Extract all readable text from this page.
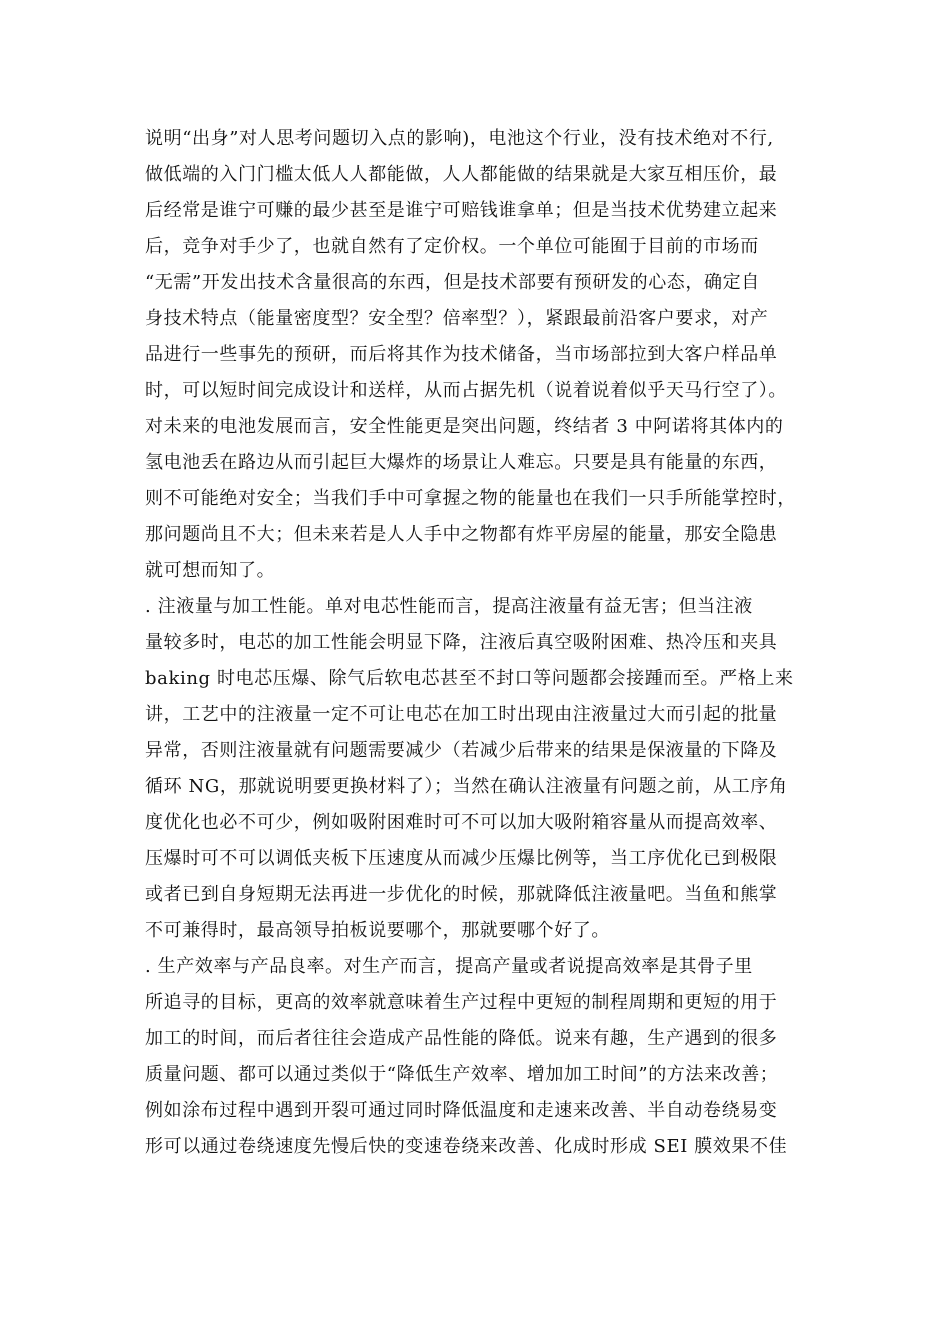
说明“出身”对人思考问题切入点的影响)，电池这个行业，没有技术绝对不行,
做低端的入门门槛太低人人都能做，人人都能做的结果就是大家互相压价，最
后经常是谁宁可赚的最少甚至是谁宁可赔钱谁拿单；但是当技术优势建立起来
后，竞争对手少了，也就自然有了定价权。一个单位可能囿于目前的市场而
“无需”开发出技术含量很高的东西，但是技术部要有预研发的心态，确定自
身技术特点（能量密度型？安全型？倍率型？），紧跟最前沿客户要求，对产
品进行一些事先的预研，而后将其作为技术储备，当市场部拉到大客户样品单
时，可以短时间完成设计和送样，从而占据先机（说着说着似乎天马行空了）。
对未来的电池发展而言，安全性能更是突出问题，终结者 3 中阿诺将其体内的
氢电池丢在路边从而引起巨大爆炸的场景让人难忘。只要是具有能量的东西，
则不可能绝对安全；当我们手中可拿握之物的能量也在我们一只手所能掌控时，
那问题尚且不大；但未来若是人人手中之物都有炸平房屋的能量，那安全隐患
就可想而知了。
. 注液量与加工性能。单对电芯性能而言，提高注液量有益无害；但当注液
量较多时，电芯的加工性能会明显下降，注液后真空吸附困难、热冷压和夹具
baking 时电芯压爆、除气后软电芯甚至不封口等问题都会接踵而至。严格上来
讲，工艺中的注液量一定不可让电芯在加工时出现由注液量过大而引起的批量
异常，否则注液量就有问题需要减少（若减少后带来的结果是保液量的下降及
循环 NG，那就说明要更换材料了）；当然在确认注液量有问题之前，从工序角
度优化也必不可少，例如吸附困难时可不可以加大吸附箱容量从而提高效率、
压爆时可不可以调低夹板下压速度从而减少压爆比例等，当工序优化已到极限
或者已到自身短期无法再进一步优化的时候，那就降低注液量吧。当鱼和熊掌
不可兼得时，最高领导拍板说要哪个，那就要哪个好了。
. 生产效率与产品良率。对生产而言，提高产量或者说提高效率是其骨子里
所追寻的目标，更高的效率就意味着生产过程中更短的制程周期和更短的用于
加工的时间，而后者往往会造成产品性能的降低。说来有趣，生产遇到的很多
质量问题、都可以通过类似于“降低生产效率、增加加工时间”的方法来改善；
例如涂布过程中遇到开裂可通过同时降低温度和走速来改善、半自动卷绕易变
形可以通过卷绕速度先慢后快的变速卷绕来改善、化成时形成 SEI 膜效果不佳
